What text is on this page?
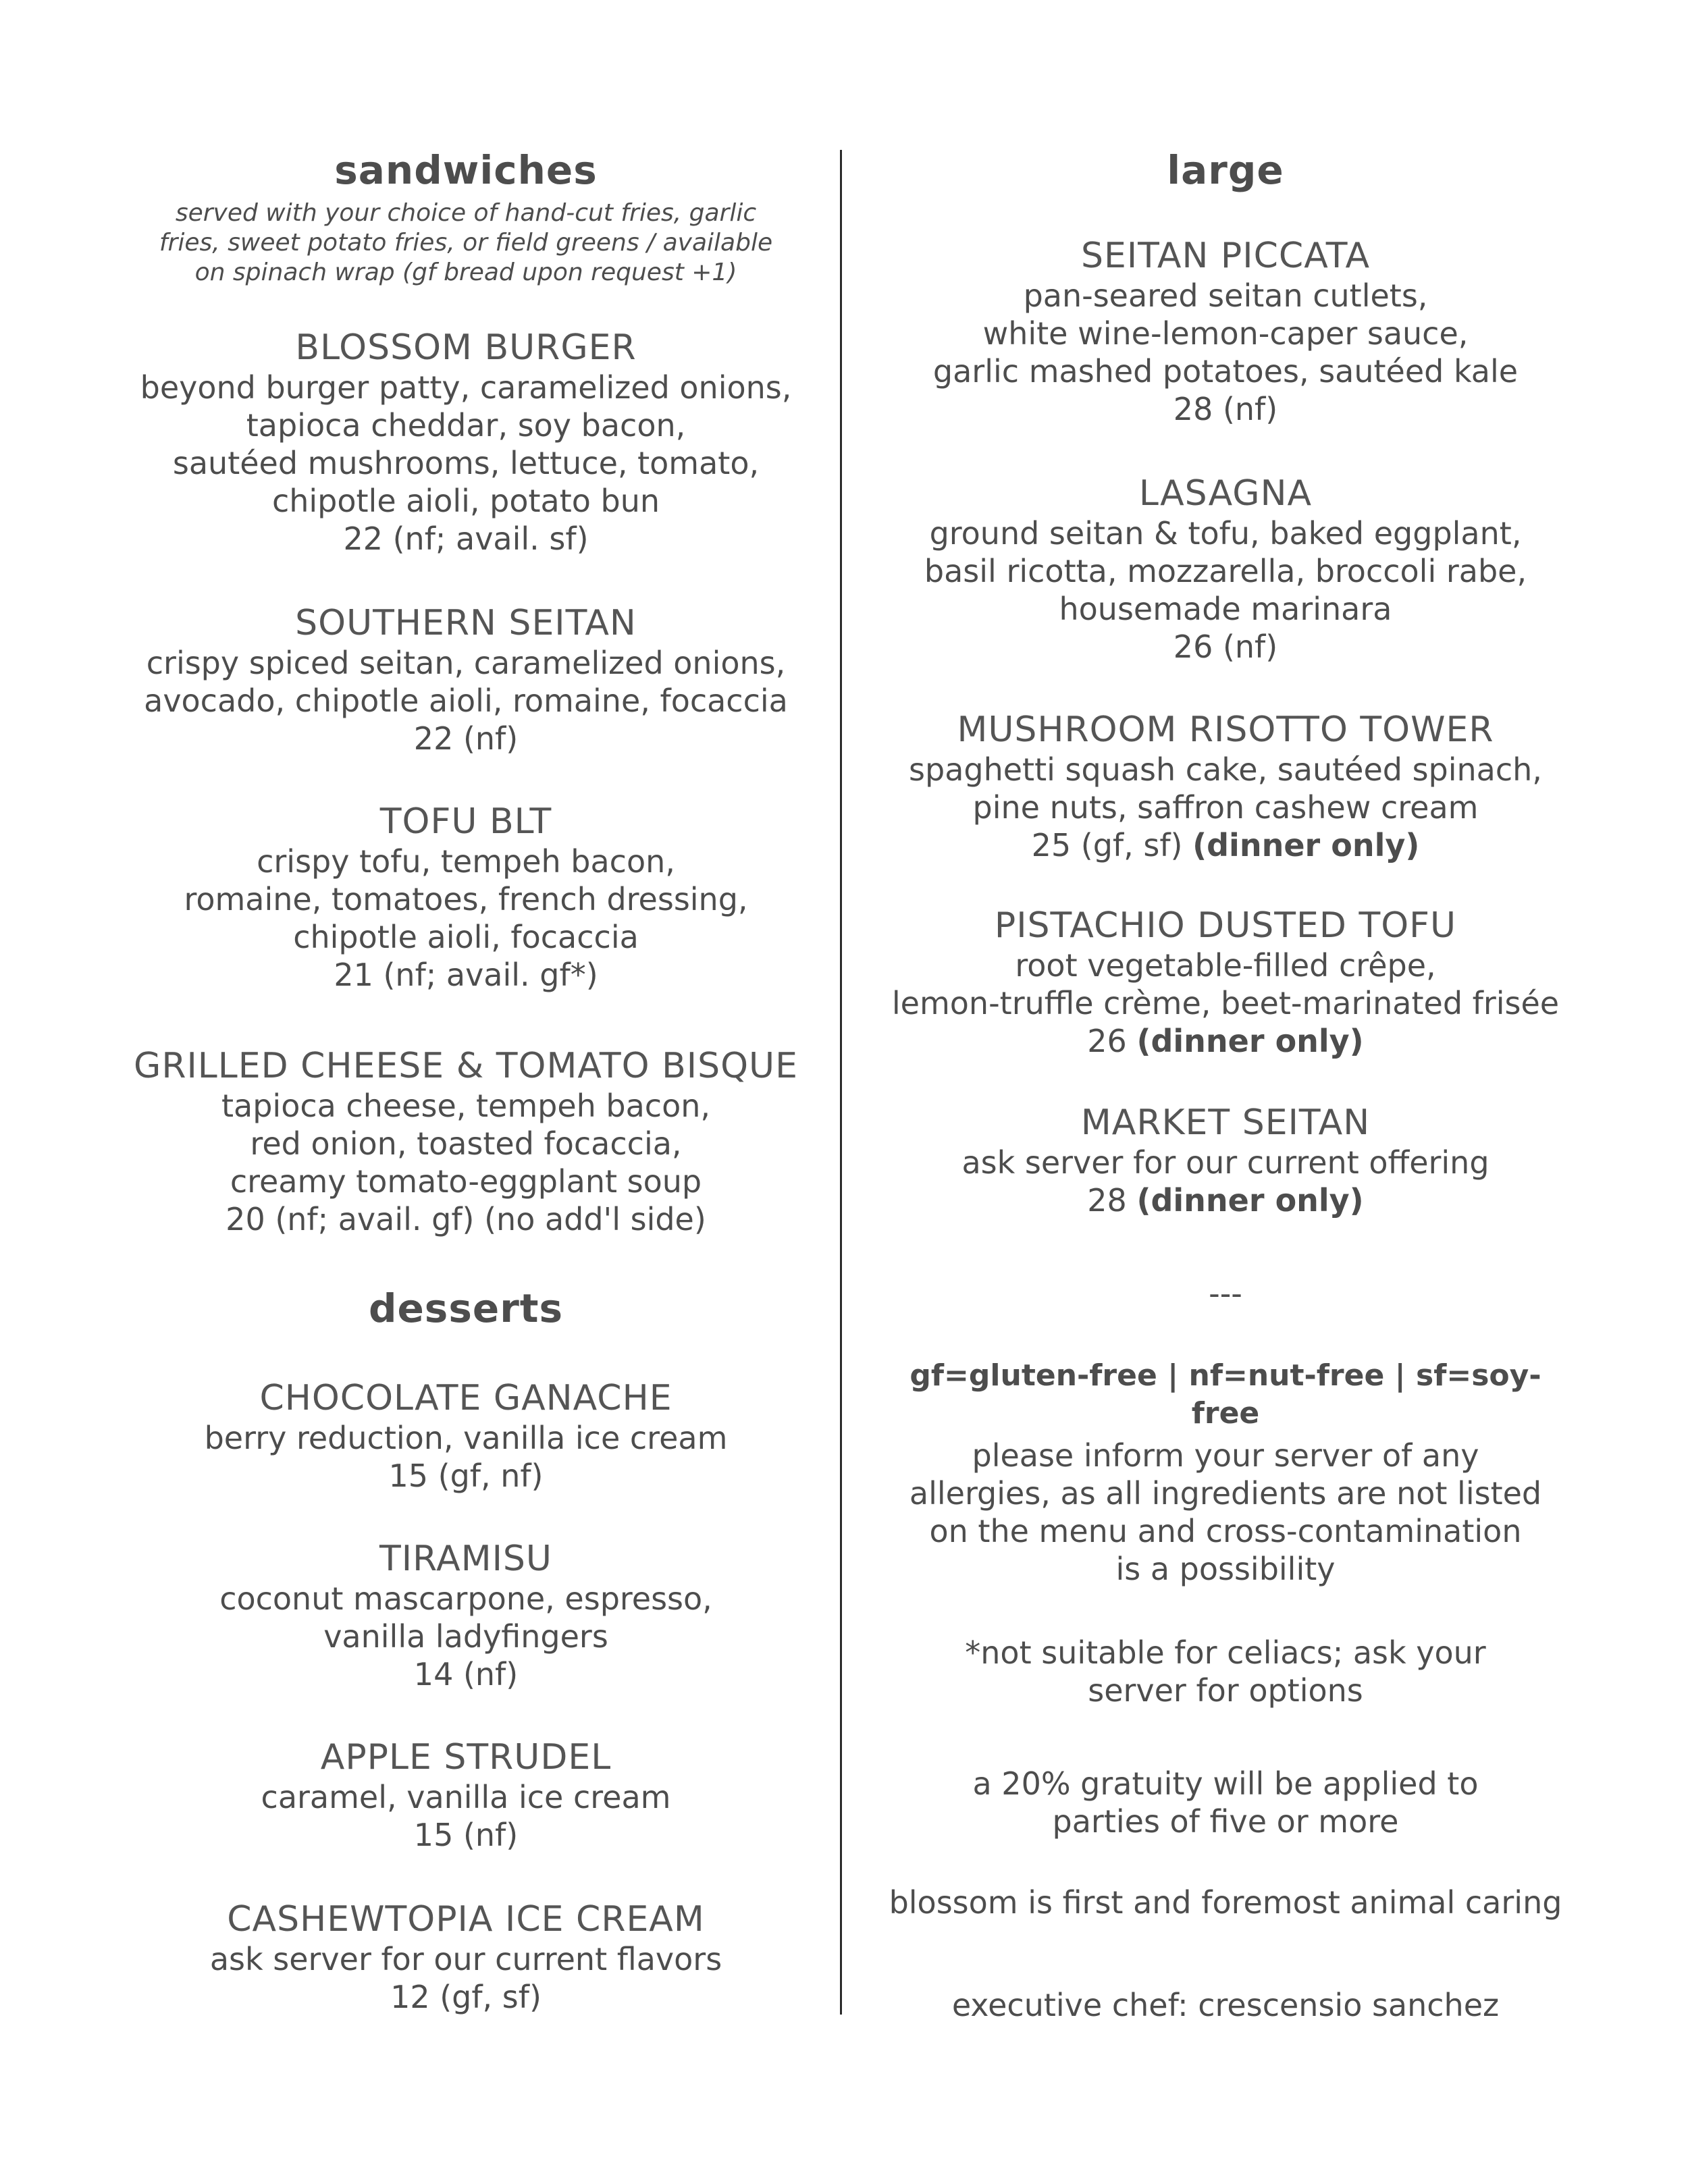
sandwiches
served with your choice of hand-cut fries, garlic
fries, sweet potato fries, or field greens / available
on spinach wrap (gf bread upon request +1)
BLOSSOM BURGER
beyond burger patty, caramelized onions,
tapioca cheddar, soy bacon,
sautéed mushrooms, lettuce, tomato,
chipotle aioli, potato bun
22 (nf; avail. sf)
SOUTHERN SEITAN
crispy spiced seitan, caramelized onions,
avocado, chipotle aioli, romaine, focaccia
22 (nf)
TOFU BLT
crispy tofu, tempeh bacon,
romaine, tomatoes, french dressing,
chipotle aioli, focaccia
21 (nf; avail. gf*)
GRILLED CHEESE & TOMATO BISQUE
tapioca cheese, tempeh bacon,
red onion, toasted focaccia,
creamy tomato-eggplant soup
20 (nf; avail. gf) (no add'l side)
desserts
CHOCOLATE GANACHE
berry reduction, vanilla ice cream
15 (gf, nf)
TIRAMISU
coconut mascarpone, espresso,
vanilla ladyfingers
14 (nf)
APPLE STRUDEL
caramel, vanilla ice cream
15 (nf)
CASHEWTOPIA ICE CREAM
ask server for our current flavors
12 (gf, sf)
large
SEITAN PICCATA
pan-seared seitan cutlets,
white wine-lemon-caper sauce,
garlic mashed potatoes, sautéed kale
28 (nf)
LASAGNA
ground seitan & tofu, baked eggplant,
basil ricotta, mozzarella, broccoli rabe,
housemade marinara
26 (nf)
MUSHROOM RISOTTO TOWER
spaghetti squash cake, sautéed spinach,
pine nuts, saffron cashew cream
25 (gf, sf) (dinner only)
PISTACHIO DUSTED TOFU
root vegetable-filled crêpe,
lemon-truffle crème, beet-marinated frisée
26 (dinner only)
MARKET SEITAN
ask server for our current offering
28 (dinner only)
---
gf=gluten-free | nf=nut-free | sf=soy-free
please inform your server of any
allergies, as all ingredients are not listed
on the menu and cross-contamination
is a possibility
*not suitable for celiacs; ask your
server for options
a 20% gratuity will be applied to
parties of five or more
blossom is first and foremost animal caring
executive chef: crescensio sanchez
